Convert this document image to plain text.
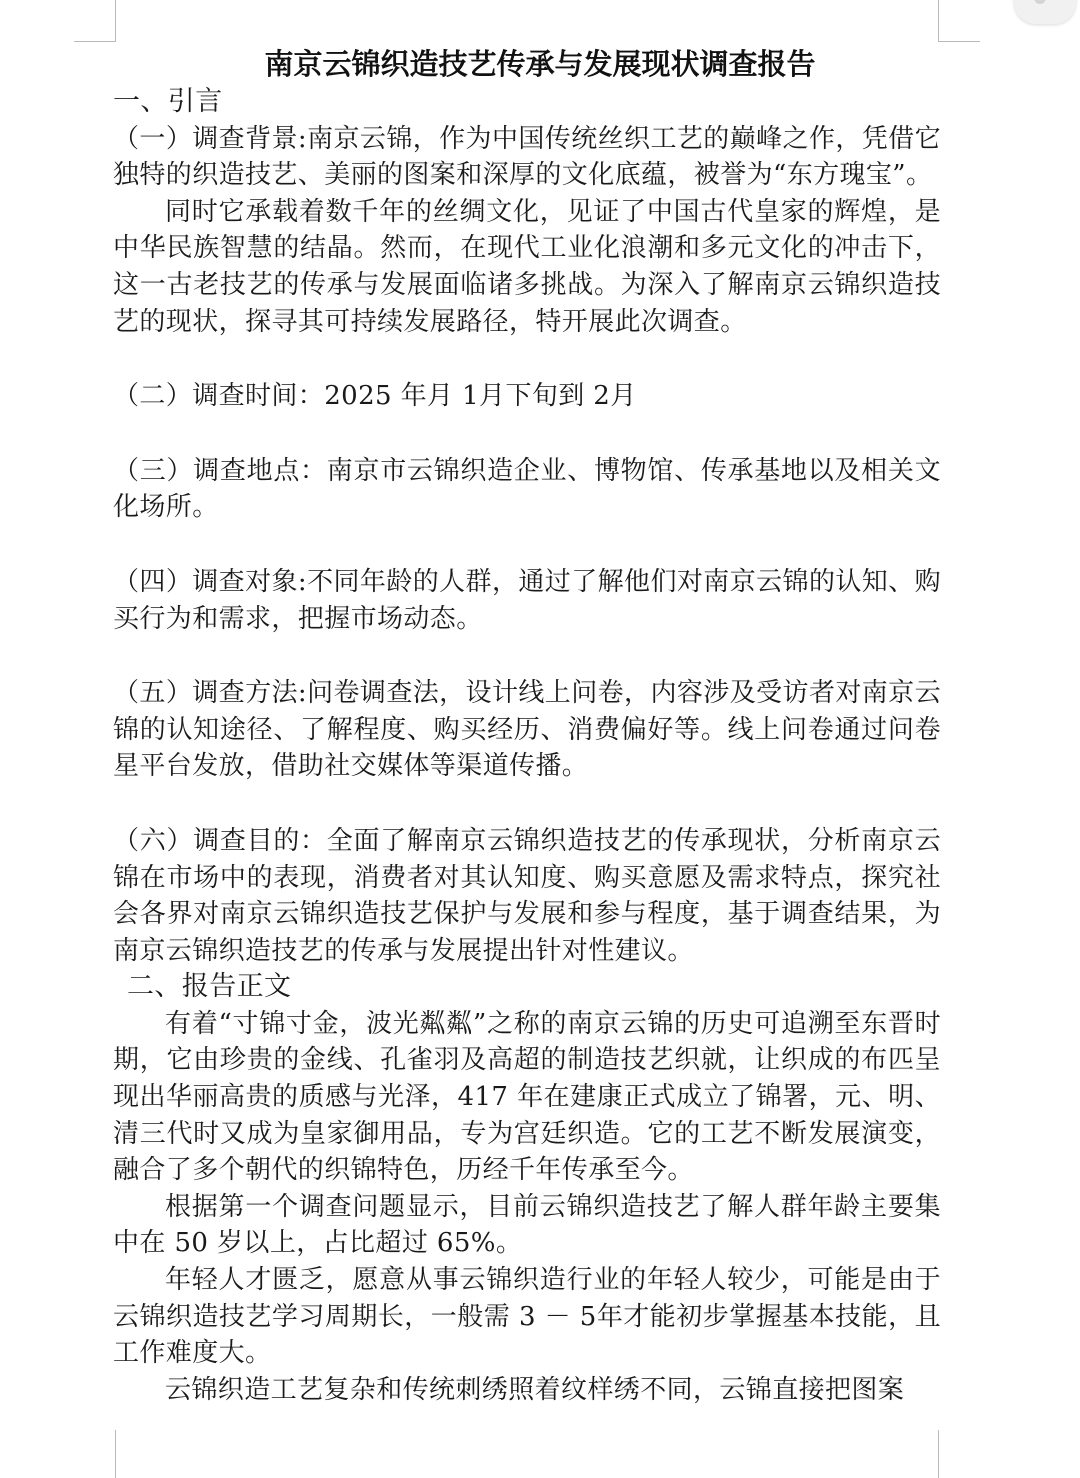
南京云锦织造技艺传承与发展现状调查报告

一、引言

（一）调查背景:南京云锦，作为中国传统丝织工艺的巅峰之作，凭借它独特的织造技艺、美丽的图案和深厚的文化底蕴，被誉为“东方瑰宝”。

同时它承载着数千年的丝绸文化，见证了中国古代皇家的辉煌，是中华民族智慧的结晶。然而，在现代工业化浪潮和多元文化的冲击下，这一古老技艺的传承与发展面临诸多挑战。为深入了解南京云锦织造技艺的现状，探寻其可持续发展路径，特开展此次调查。

（二）调查时间：2025 年月 1月下旬到 2月

（三）调查地点：南京市云锦织造企业、博物馆、传承基地以及相关文化场所。

（四）调查对象:不同年龄的人群，通过了解他们对南京云锦的认知、购买行为和需求，把握市场动态。

（五）调查方法:问卷调查法，设计线上问卷，内容涉及受访者对南京云锦的认知途径、了解程度、购买经历、消费偏好等。线上问卷通过问卷星平台发放，借助社交媒体等渠道传播。

（六）调查目的：全面了解南京云锦织造技艺的传承现状，分析南京云锦在市场中的表现，消费者对其认知度、购买意愿及需求特点，探究社会各界对南京云锦织造技艺保护与发展和参与程度，基于调查结果，为南京云锦织造技艺的传承与发展提出针对性建议。

二、报告正文

有着“寸锦寸金，波光粼粼”之称的南京云锦的历史可追溯至东晋时期，它由珍贵的金线、孔雀羽及高超的制造技艺织就，让织成的布匹呈现出华丽高贵的质感与光泽，417 年在建康正式成立了锦署，元、明、清三代时又成为皇家御用品，专为宫廷织造。它的工艺不断发展演变，融合了多个朝代的织锦特色，历经千年传承至今。

根据第一个调查问题显示，目前云锦织造技艺了解人群年龄主要集中在 50 岁以上，占比超过 65%。

年轻人才匮乏，愿意从事云锦织造行业的年轻人较少，可能是由于云锦织造技艺学习周期长，一般需 3 － 5年才能初步掌握基本技能，且工作难度大。

云锦织造工艺复杂和传统刺绣照着纹样绣不同，云锦直接把图案
